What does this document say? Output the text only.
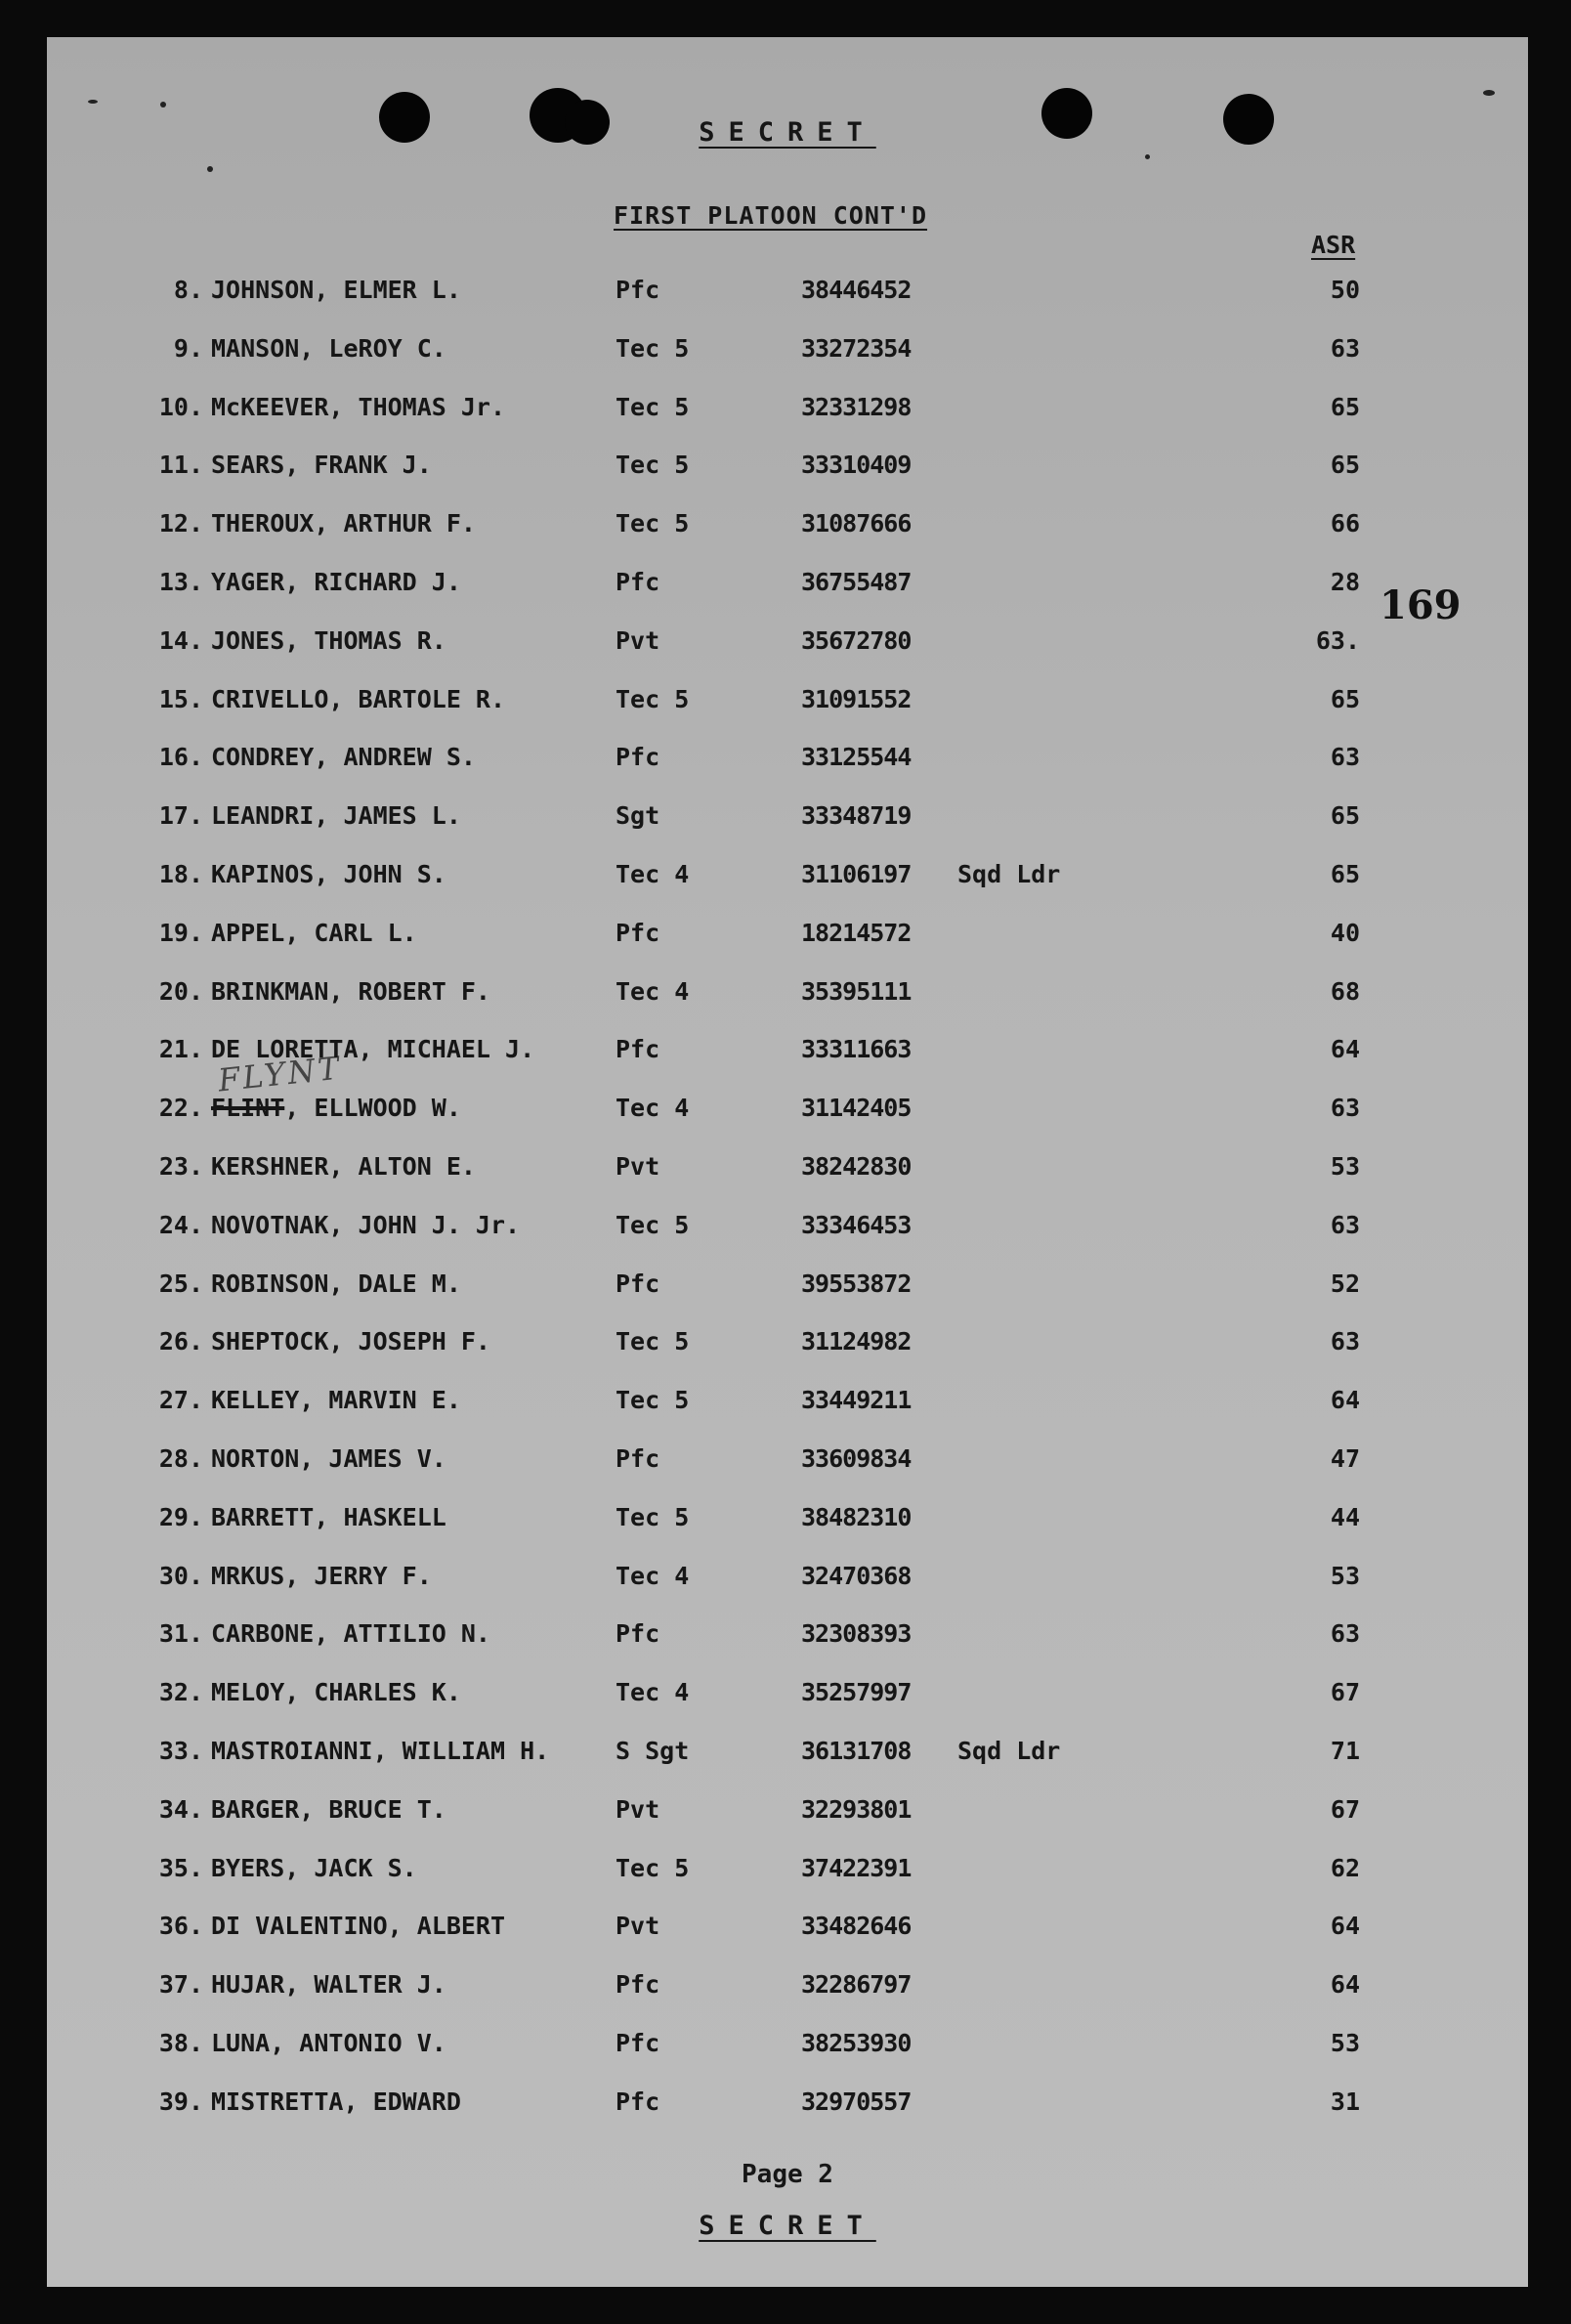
SECRET
FIRST PLATOON CONT'D
ASR
FLYNT
169
8. JOHNSON, ELMER L.	Pfc	38446452	50
9. MANSON, LeROY C.	Tec 5	33272354	63
10. McKEEVER, THOMAS Jr.	Tec 5	32331298	65
11. SEARS, FRANK J.	Tec 5	33310409	65
12. THEROUX, ARTHUR F.	Tec 5	31087666	66
13. YAGER, RICHARD J.	Pfc	36755487	28
14. JONES, THOMAS R.	Pvt	35672780	63.
15. CRIVELLO, BARTOLE R.	Tec 5	31091552	65
16. CONDREY, ANDREW S.	Pfc	33125544	63
17. LEANDRI, JAMES L.	Sgt	33348719	65
18. KAPINOS, JOHN S.	Tec 4	31106197 Sqd Ldr	65
19. APPEL, CARL L.	Pfc	18214572	40
20. BRINKMAN, ROBERT F.	Tec 4	35395111	68
21. DE LORETTA, MICHAEL J.	Pfc	33311663	64
22. FLINT, ELLWOOD W.	Tec 4	31142405	63
23. KERSHNER, ALTON E.	Pvt	38242830	53
24. NOVOTNAK, JOHN J. Jr.	Tec 5	33346453	63
25. ROBINSON, DALE M.	Pfc	39553872	52
26. SHEPTOCK, JOSEPH F.	Tec 5	31124982	63
27. KELLEY, MARVIN E.	Tec 5	33449211	64
28. NORTON, JAMES V.	Pfc	33609834	47
29. BARRETT, HASKELL	Tec 5	38482310	44
30. MRKUS, JERRY F.	Tec 4	32470368	53
31. CARBONE, ATTILIO N.	Pfc	32308393	63
32. MELOY, CHARLES K.	Tec 4	35257997	67
33. MASTROIANNI, WILLIAM H.	S Sgt	36131708 Sqd Ldr	71
34. BARGER, BRUCE T.	Pvt	32293801	67
35. BYERS, JACK S.	Tec 5	37422391	62
36. DI VALENTINO, ALBERT	Pvt	33482646	64
37. HUJAR, WALTER J.	Pfc	32286797	64
38. LUNA, ANTONIO V.	Pfc	38253930	53
39. MISTRETTA, EDWARD	Pfc	32970557	31
Page 2
SECRET
